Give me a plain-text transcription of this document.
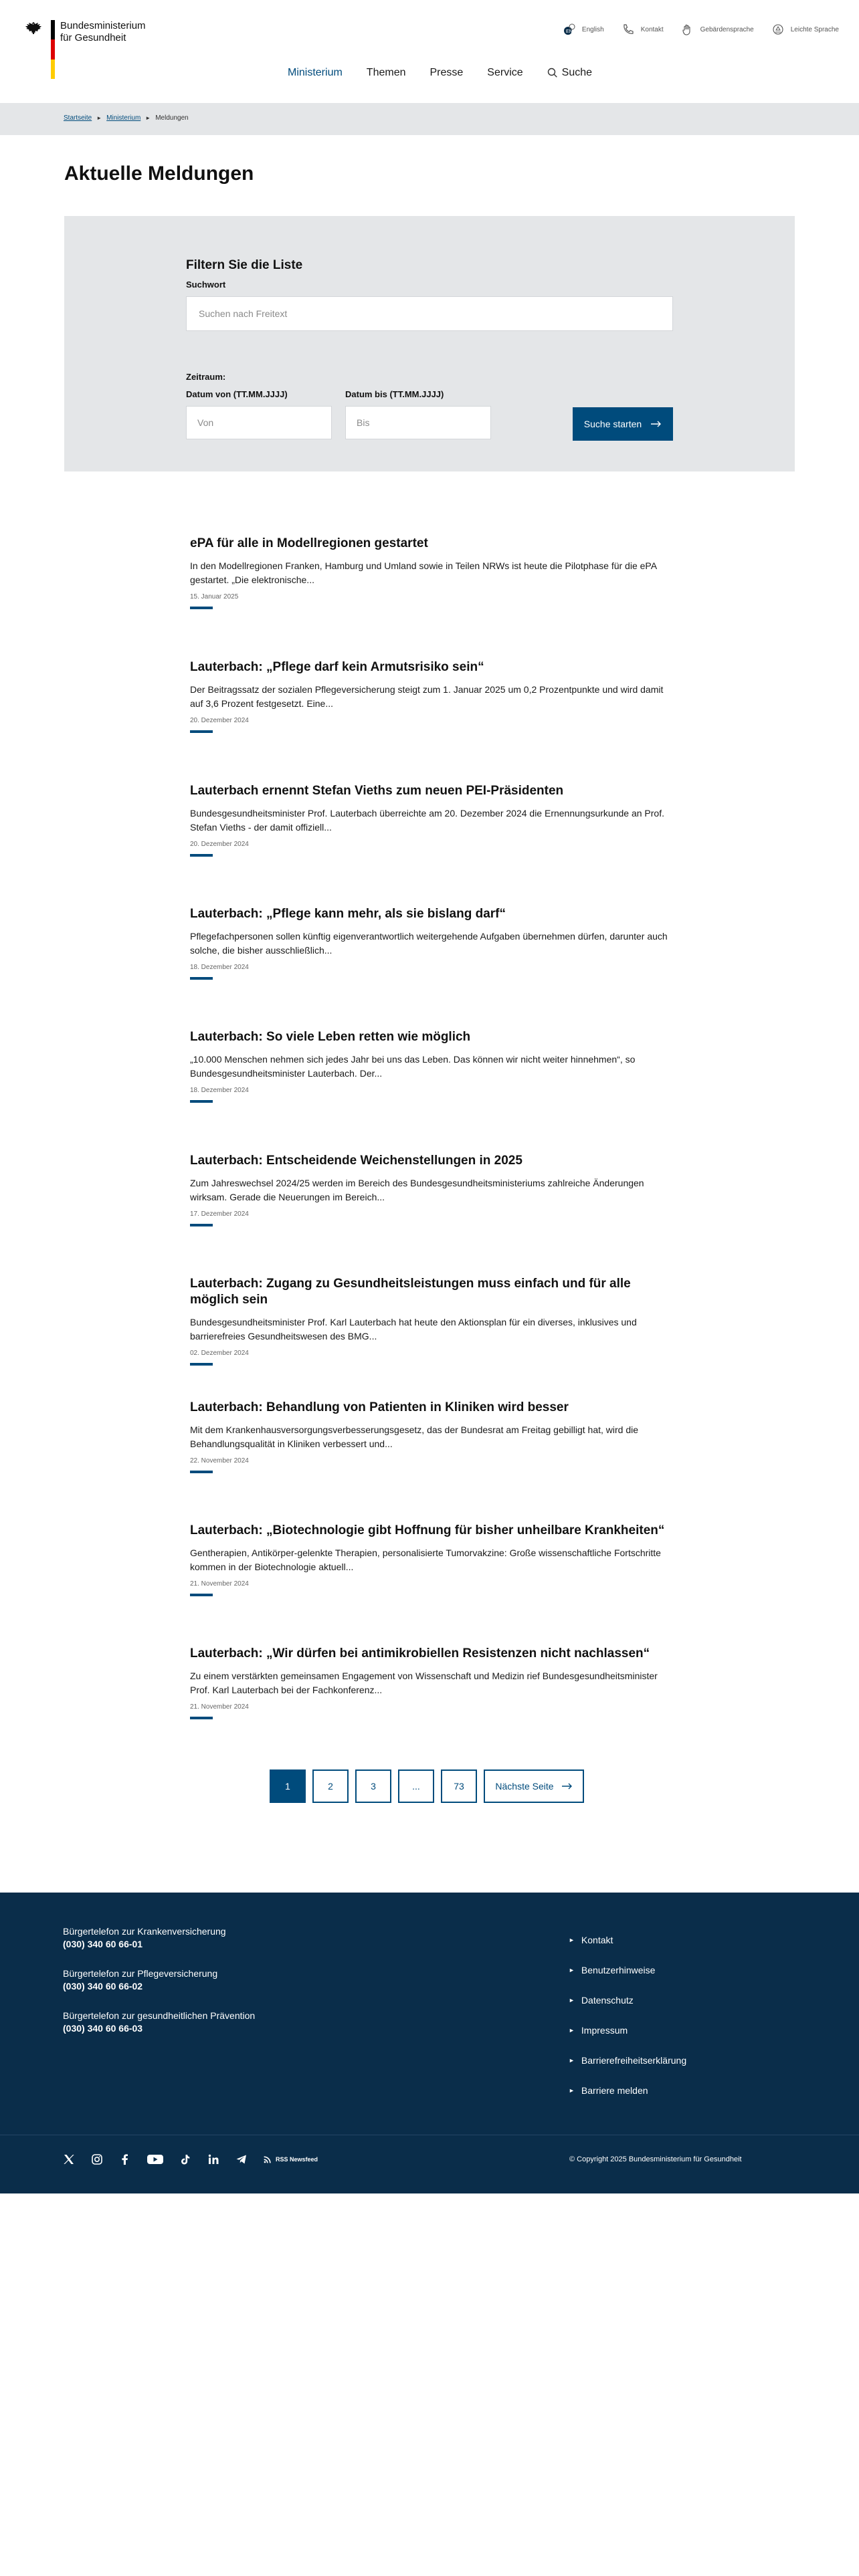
Bundesministerium
für Gesundheit
EN English	Kontakt	Gebärdensprache	Leichte Sprache
Ministerium Themen Presse Service	Suche
Startseite ► Ministerium ► Meldungen
Aktuelle Meldungen
Filtern Sie die Liste
Suchwort
Suchen nach Freitext
Zeitraum:
Datum von (TT.MM.JJJJ)
Von	Datum bis (TT.MM.JJJJ)
Bis
Suche starten
ePA für alle in Modellregionen gestartet
In den Modellregionen Franken, Hamburg und Umland sowie in Teilen NRWs ist heute die Pilotphase für die ePA gestartet. „Die elektronische...
15. Januar 2025
Lauterbach: „Pflege darf kein Armutsrisiko sein“
Der Beitragssatz der sozialen Pflegeversicherung steigt zum 1. Januar 2025 um 0,2 Prozentpunkte und wird damit auf 3,6 Prozent festgesetzt. Eine...
20. Dezember 2024
Lauterbach ernennt Stefan Vieths zum neuen PEI-Präsidenten
Bundesgesundheitsminister Prof. Lauterbach überreichte am 20. Dezember 2024 die Ernennungsurkunde an Prof. Stefan Vieths - der damit offiziell...
20. Dezember 2024
Lauterbach: „Pflege kann mehr, als sie bislang darf“
Pflegefachpersonen sollen künftig eigenverantwortlich weitergehende Aufgaben übernehmen dürfen, darunter auch solche, die bisher ausschließlich...
18. Dezember 2024
Lauterbach: So viele Leben retten wie möglich
„10.000 Menschen nehmen sich jedes Jahr bei uns das Leben. Das können wir nicht weiter hinnehmen“, so Bundesgesundheitsminister Lauterbach. Der...
18. Dezember 2024
Lauterbach: Entscheidende Weichenstellungen in 2025
Zum Jahreswechsel 2024/25 werden im Bereich des Bundesgesundheitsministeriums zahlreiche Änderungen wirksam. Gerade die Neuerungen im Bereich...
17. Dezember 2024
Lauterbach: Zugang zu Gesundheitsleistungen muss einfach und für alle möglich sein
Bundesgesundheitsminister Prof. Karl Lauterbach hat heute den Aktionsplan für ein diverses, inklusives und barrierefreies Gesundheitswesen des BMG...
02. Dezember 2024
Lauterbach: Behandlung von Patienten in Kliniken wird besser
Mit dem Krankenhausversorgungsverbesserungsgesetz, das der Bundesrat am Freitag gebilligt hat, wird die Behandlungsqualität in Kliniken verbessert und...
22. November 2024
Lauterbach: „Biotechnologie gibt Hoffnung für bisher unheilbare Krankheiten“
Gentherapien, Antikörper-gelenkte Therapien, personalisierte Tumorvakzine: Große wissenschaftliche Fortschritte kommen in der Biotechnologie aktuell...
21. November 2024
Lauterbach: „Wir dürfen bei antimikrobiellen Resistenzen nicht nachlassen“
Zu einem verstärkten gemeinsamen Engagement von Wissenschaft und Medizin rief Bundesgesundheitsminister Prof. Karl Lauterbach bei der Fachkonferenz...
21. November 2024
1	2	3	...	73	Nächste Seite
Bürgertelefon zur Krankenversicherung
(030) 340 60 66-01
Bürgertelefon zur Pflegeversicherung
(030) 340 60 66-02
Bürgertelefon zur gesundheitlichen Prävention
(030) 340 60 66-03
► Kontakt
► Benutzerhinweise
► Datenschutz
► Impressum
► Barrierefreiheitserklärung
► Barriere melden
RSS Newsfeed	© Copyright 2025 Bundesministerium für Gesundheit
